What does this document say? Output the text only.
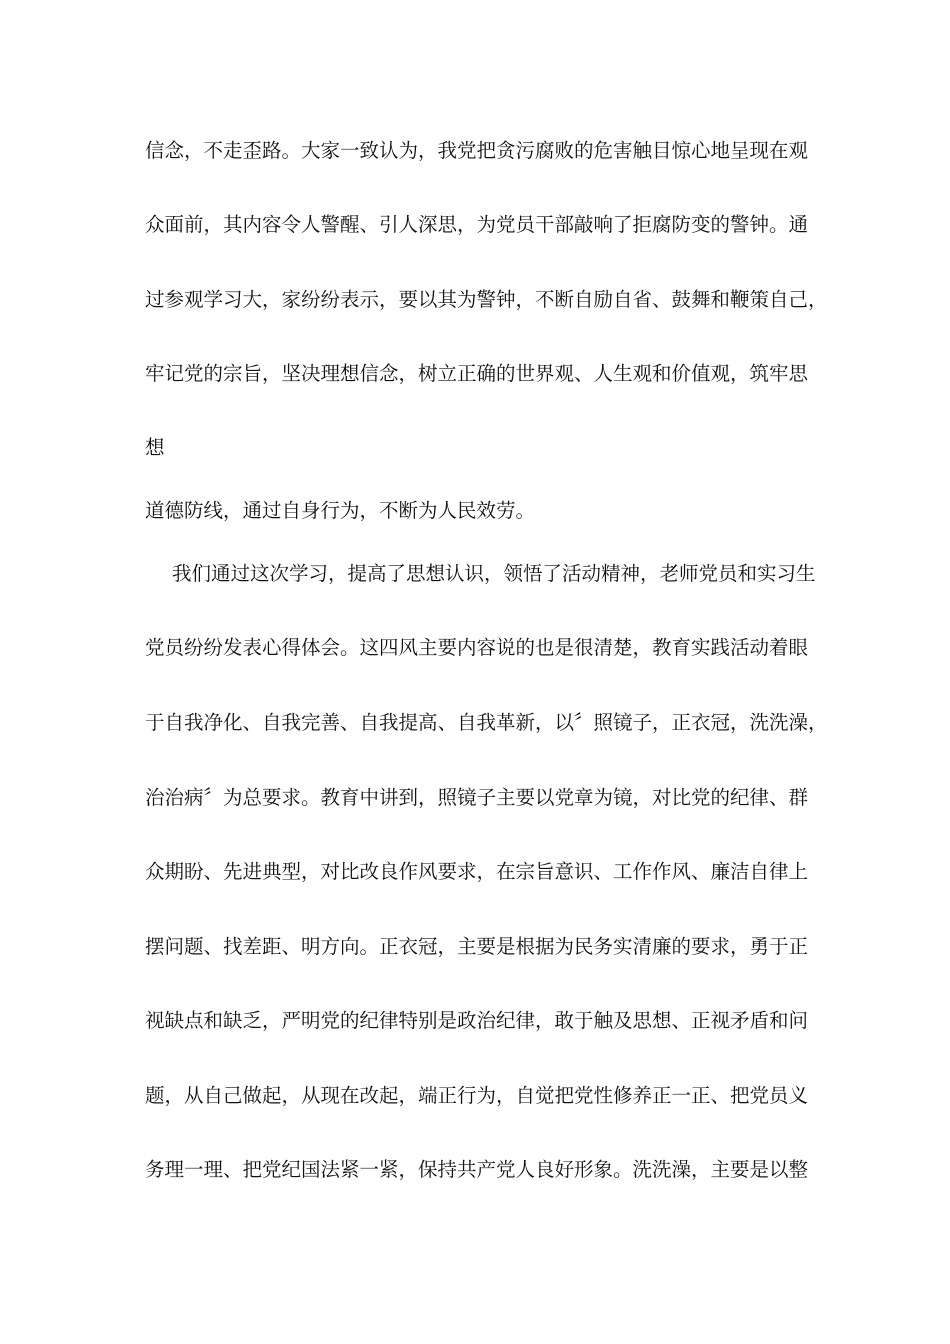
信念，不走歪路。大家一致认为，我党把贪污腐败的危害触目惊心地呈现在观
众面前，其内容令人警醒、引人深思，为党员干部敲响了拒腐防变的警钟。通
过参观学习大，家纷纷表示，要以其为警钟，不断自励自省、鼓舞和鞭策自己，
牢记党的宗旨，坚决理想信念，树立正确的世界观、人生观和价值观，筑牢思
想
道德防线，通过自身行为，不断为人民效劳。
我们通过这次学习，提高了思想认识，领悟了活动精神，老师党员和实习生
党员纷纷发表心得体会。这四风主要内容说的也是很清楚，教育实践活动着眼
于自我净化、自我完善、自我提高、自我革新，以〞照镜子，正衣冠，洗洗澡，
治治病〞为总要求。教育中讲到，照镜子主要以党章为镜，对比党的纪律、群
众期盼、先进典型，对比改良作风要求，在宗旨意识、工作作风、廉洁自律上
摆问题、找差距、明方向。正衣冠，主要是根据为民务实清廉的要求，勇于正
视缺点和缺乏，严明党的纪律特别是政治纪律，敢于触及思想、正视矛盾和问
题，从自己做起，从现在改起，端正行为，自觉把党性修养正一正、把党员义
务理一理、把党纪国法紧一紧，保持共产党人良好形象。洗洗澡，主要是以整
